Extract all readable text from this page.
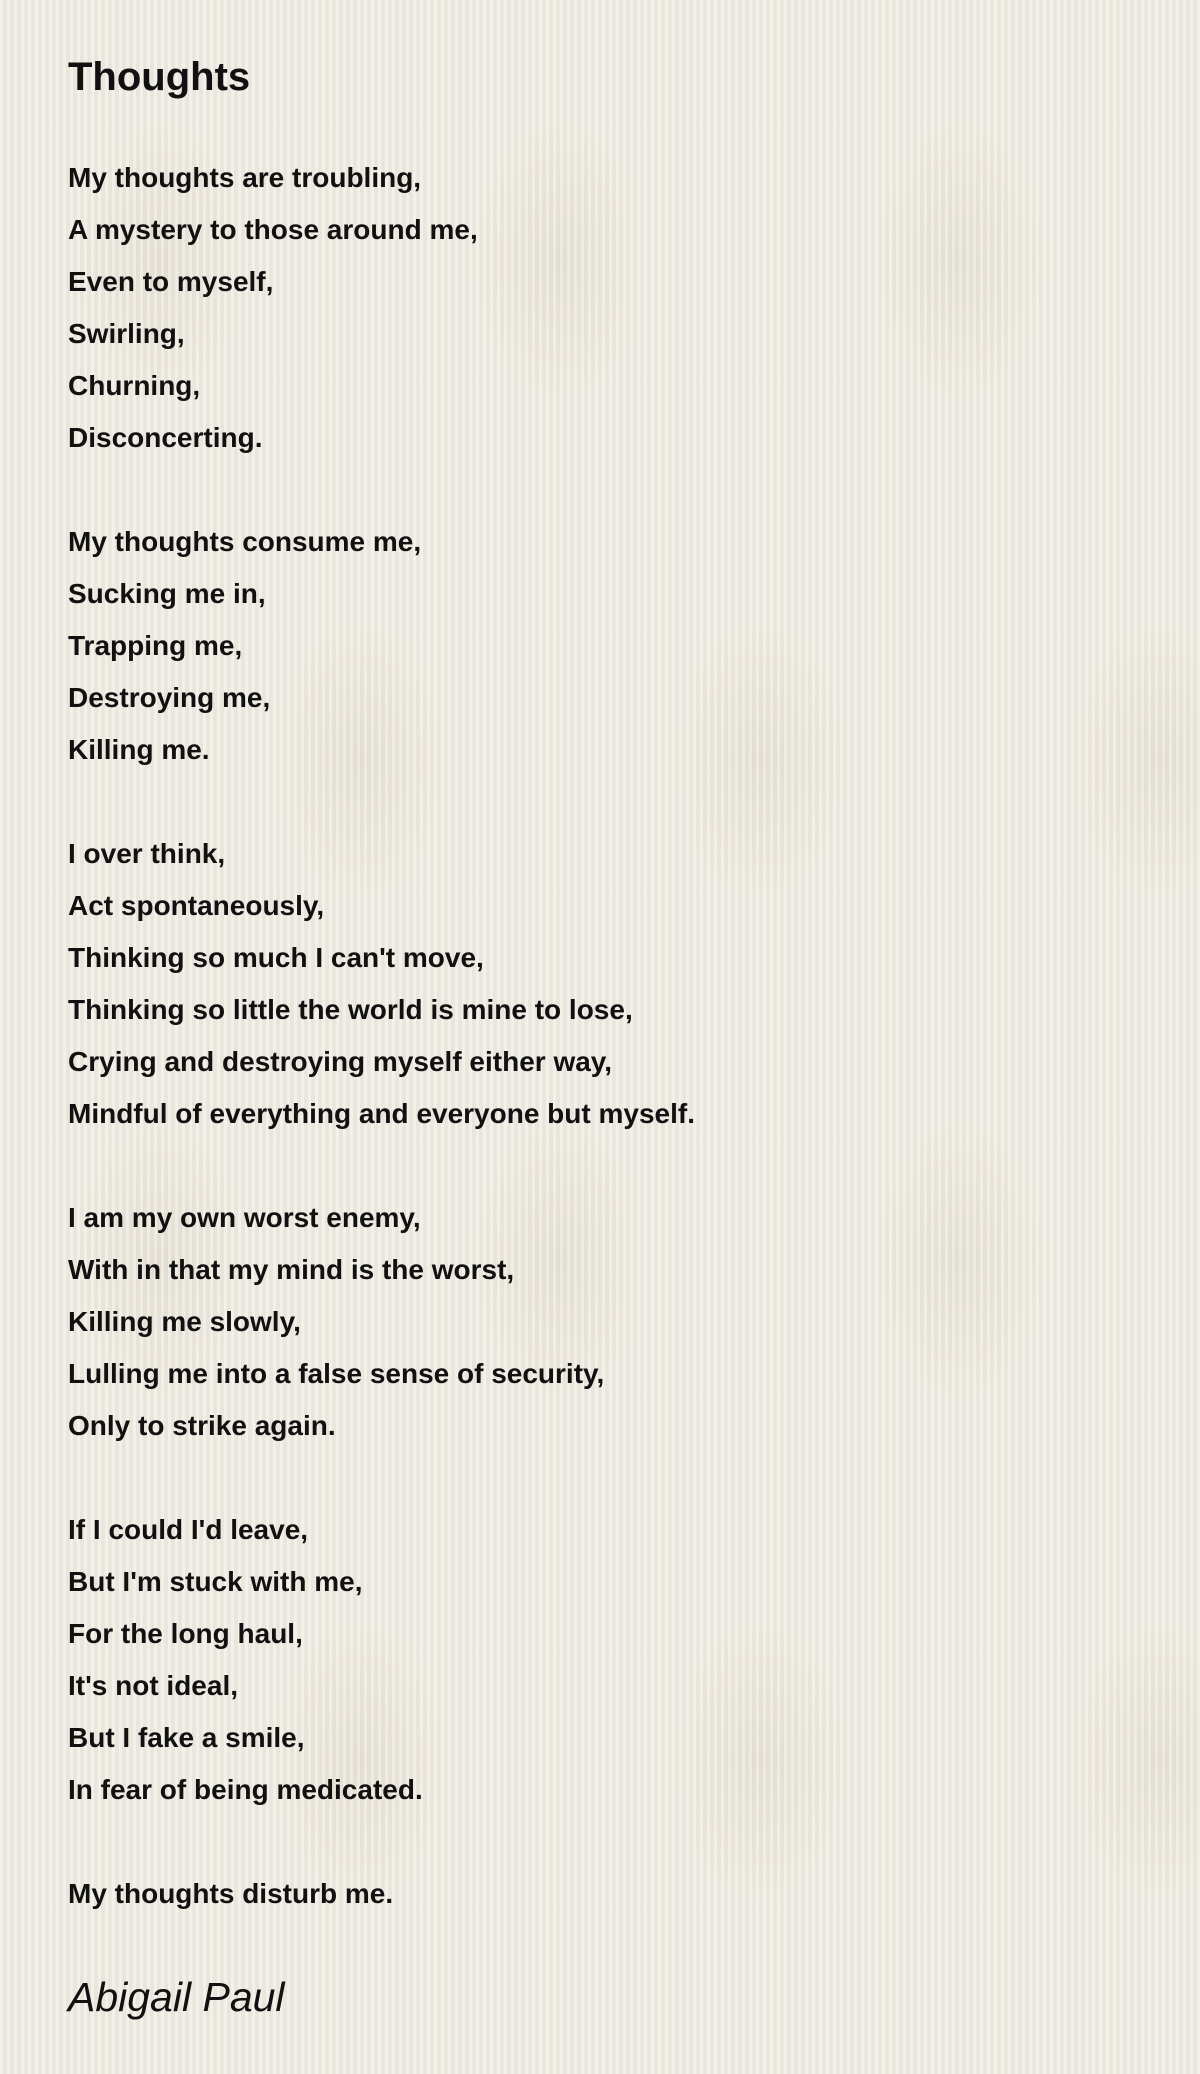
Thoughts
My thoughts are troubling,
A mystery to those around me,
Even to myself,
Swirling,
Churning,
Disconcerting.
My thoughts consume me,
Sucking me in,
Trapping me,
Destroying me,
Killing me.
I over think,
Act spontaneously,
Thinking so much I can't move,
Thinking so little the world is mine to lose,
Crying and destroying myself either way,
Mindful of everything and everyone but myself.
I am my own worst enemy,
With in that my mind is the worst,
Killing me slowly,
Lulling me into a false sense of security,
Only to strike again.
If I could I'd leave,
But I'm stuck with me,
For the long haul,
It's not ideal,
But I fake a smile,
In fear of being medicated.
My thoughts disturb me.
Abigail Paul
